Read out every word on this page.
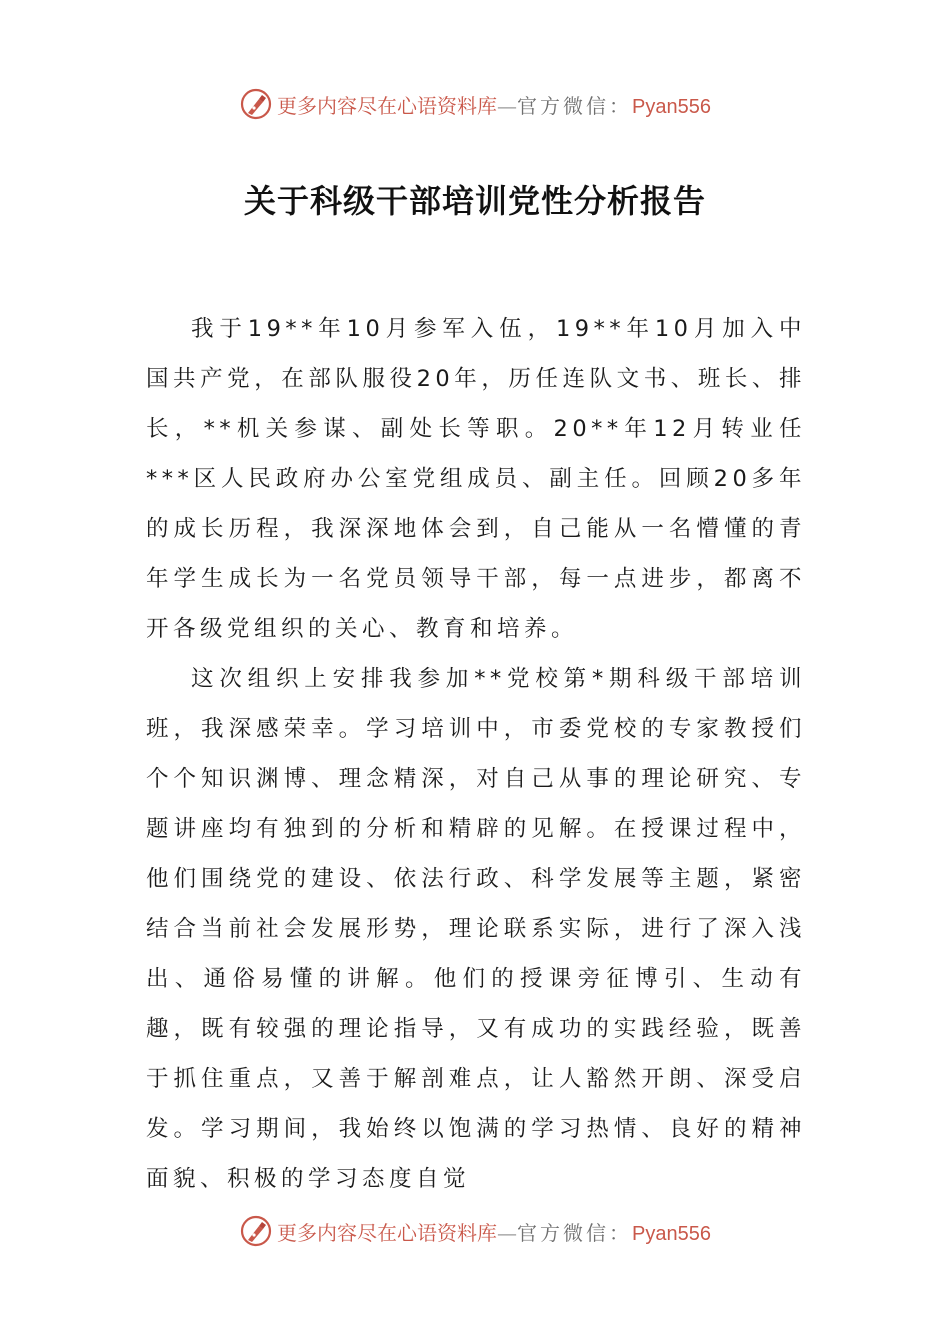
更多内容尽在心语资料库—官方微信：Pyan556
关于科级干部培训党性分析报告

我于19**年10月参军入伍，19**年10月加入中国共产党，在部队服役20年，历任连队文书、班长、排长，**机关参谋、副处长等职。20**年12月转业任***区人民政府办公室党组成员、副主任。回顾20多年的成长历程，我深深地体会到，自己能从一名懵懂的青年学生成长为一名党员领导干部，每一点进步，都离不开各级党组织的关心、教育和培养。

这次组织上安排我参加**党校第*期科级干部培训班，我深感荣幸。学习培训中，市委党校的专家教授们个个知识渊博、理念精深，对自己从事的理论研究、专题讲座均有独到的分析和精辟的见解。在授课过程中，他们围绕党的建设、依法行政、科学发展等主题，紧密结合当前社会发展形势，理论联系实际，进行了深入浅出、通俗易懂的讲解。他们的授课旁征博引、生动有趣，既有较强的理论指导，又有成功的实践经验，既善于抓住重点，又善于解剖难点，让人豁然开朗、深受启发。学习期间，我始终以饱满的学习热情、良好的精神面貌、积极的学习态度自觉

更多内容尽在心语资料库—官方微信：Pyan556
